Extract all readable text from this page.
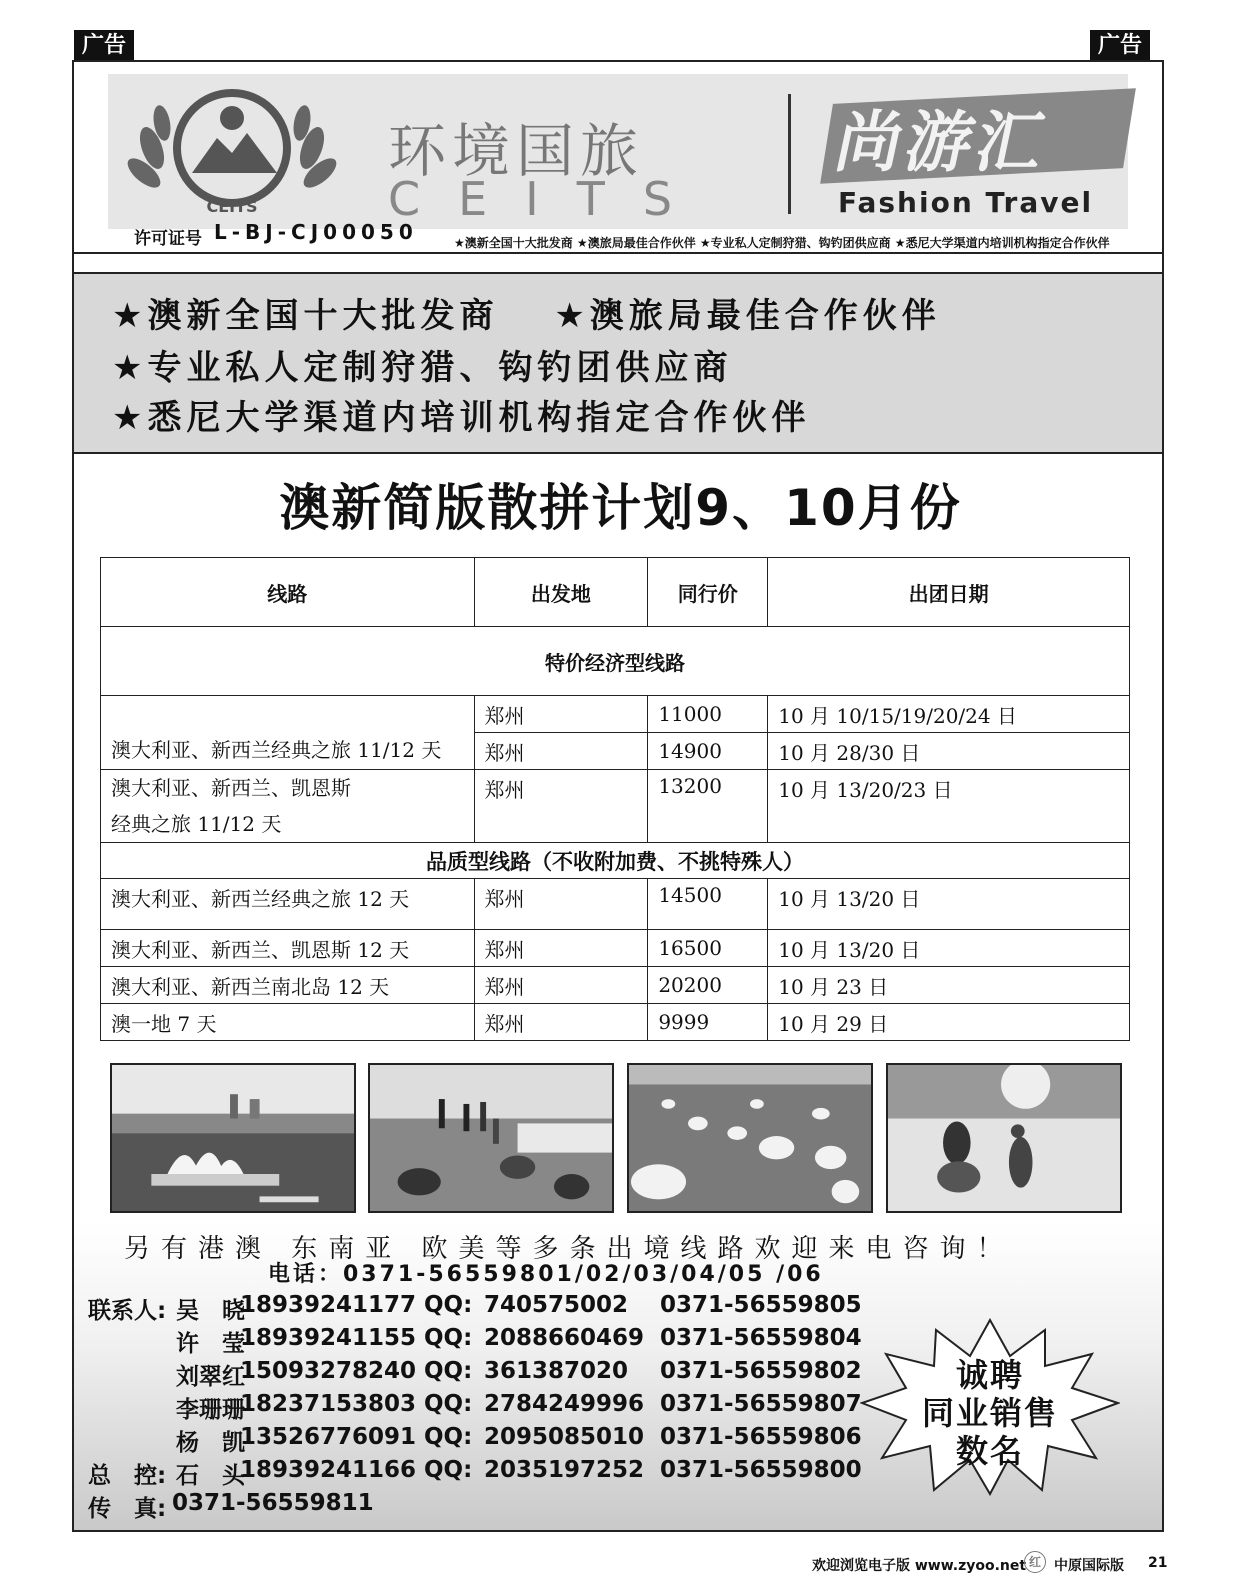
广告	广告
CEITS
环境国旅
CEITS
尚游汇
Fashion Travel
许可证号 L-BJ-CJ00050	★澳新全国十大批发商 ★澳旅局最佳合作伙伴 ★专业私人定制狩猎、钩钓团供应商 ★悉尼大学渠道内培训机构指定合作伙伴
★澳新全国十大批发商　 ★澳旅局最佳合作伙伴
★专业私人定制狩猎、钩钓团供应商
★悉尼大学渠道内培训机构指定合作伙伴
澳新简版散拼计划9、10月份
线路	出发地	同行价	出团日期
特价经济型线路			
澳大利亚、新西兰经典之旅 11/12 天	郑州	11000	10 月 10/15/19/20/24 日
	郑州	14900	10 月 28/30 日

澳大利亚、新西兰、凯恩斯
经典之旅 11/12 天	郑州	13200	10 月 13/20/23 日
品质型线路（不收附加费、不挑特殊人）			
澳大利亚、新西兰经典之旅 12 天	郑州	14500	10 月 13/20 日
澳大利亚、新西兰、凯恩斯 12 天	郑州	16500	10 月 13/20 日
澳大利亚、新西兰南北岛 12 天	郑州	20200	10 月 23 日
澳一地 7 天	郑州	9999	10 月 29 日
另有港澳 东南亚 欧美等多条出境线路欢迎来电咨询！
电话：0371-56559801/02/03/04/05 /06
联系人: 吴　晓
18939241177 QQ: 740575002 0371-56559805
许　莹
18939241155 QQ: 2088660469 0371-56559804
刘翠红
15093278240 QQ: 361387020 0371-56559802
李珊珊
18237153803 QQ: 2784249996 0371-56559807
杨　凯
13526776091 QQ: 2095085010 0371-56559806
总　控: 石　头
18939241166 QQ: 2035197252 0371-56559800
传　真: 0371-56559811
诚聘
同业销售
数名
欢迎浏览电子版 www.zyoo.net 红 中原国际版 21
